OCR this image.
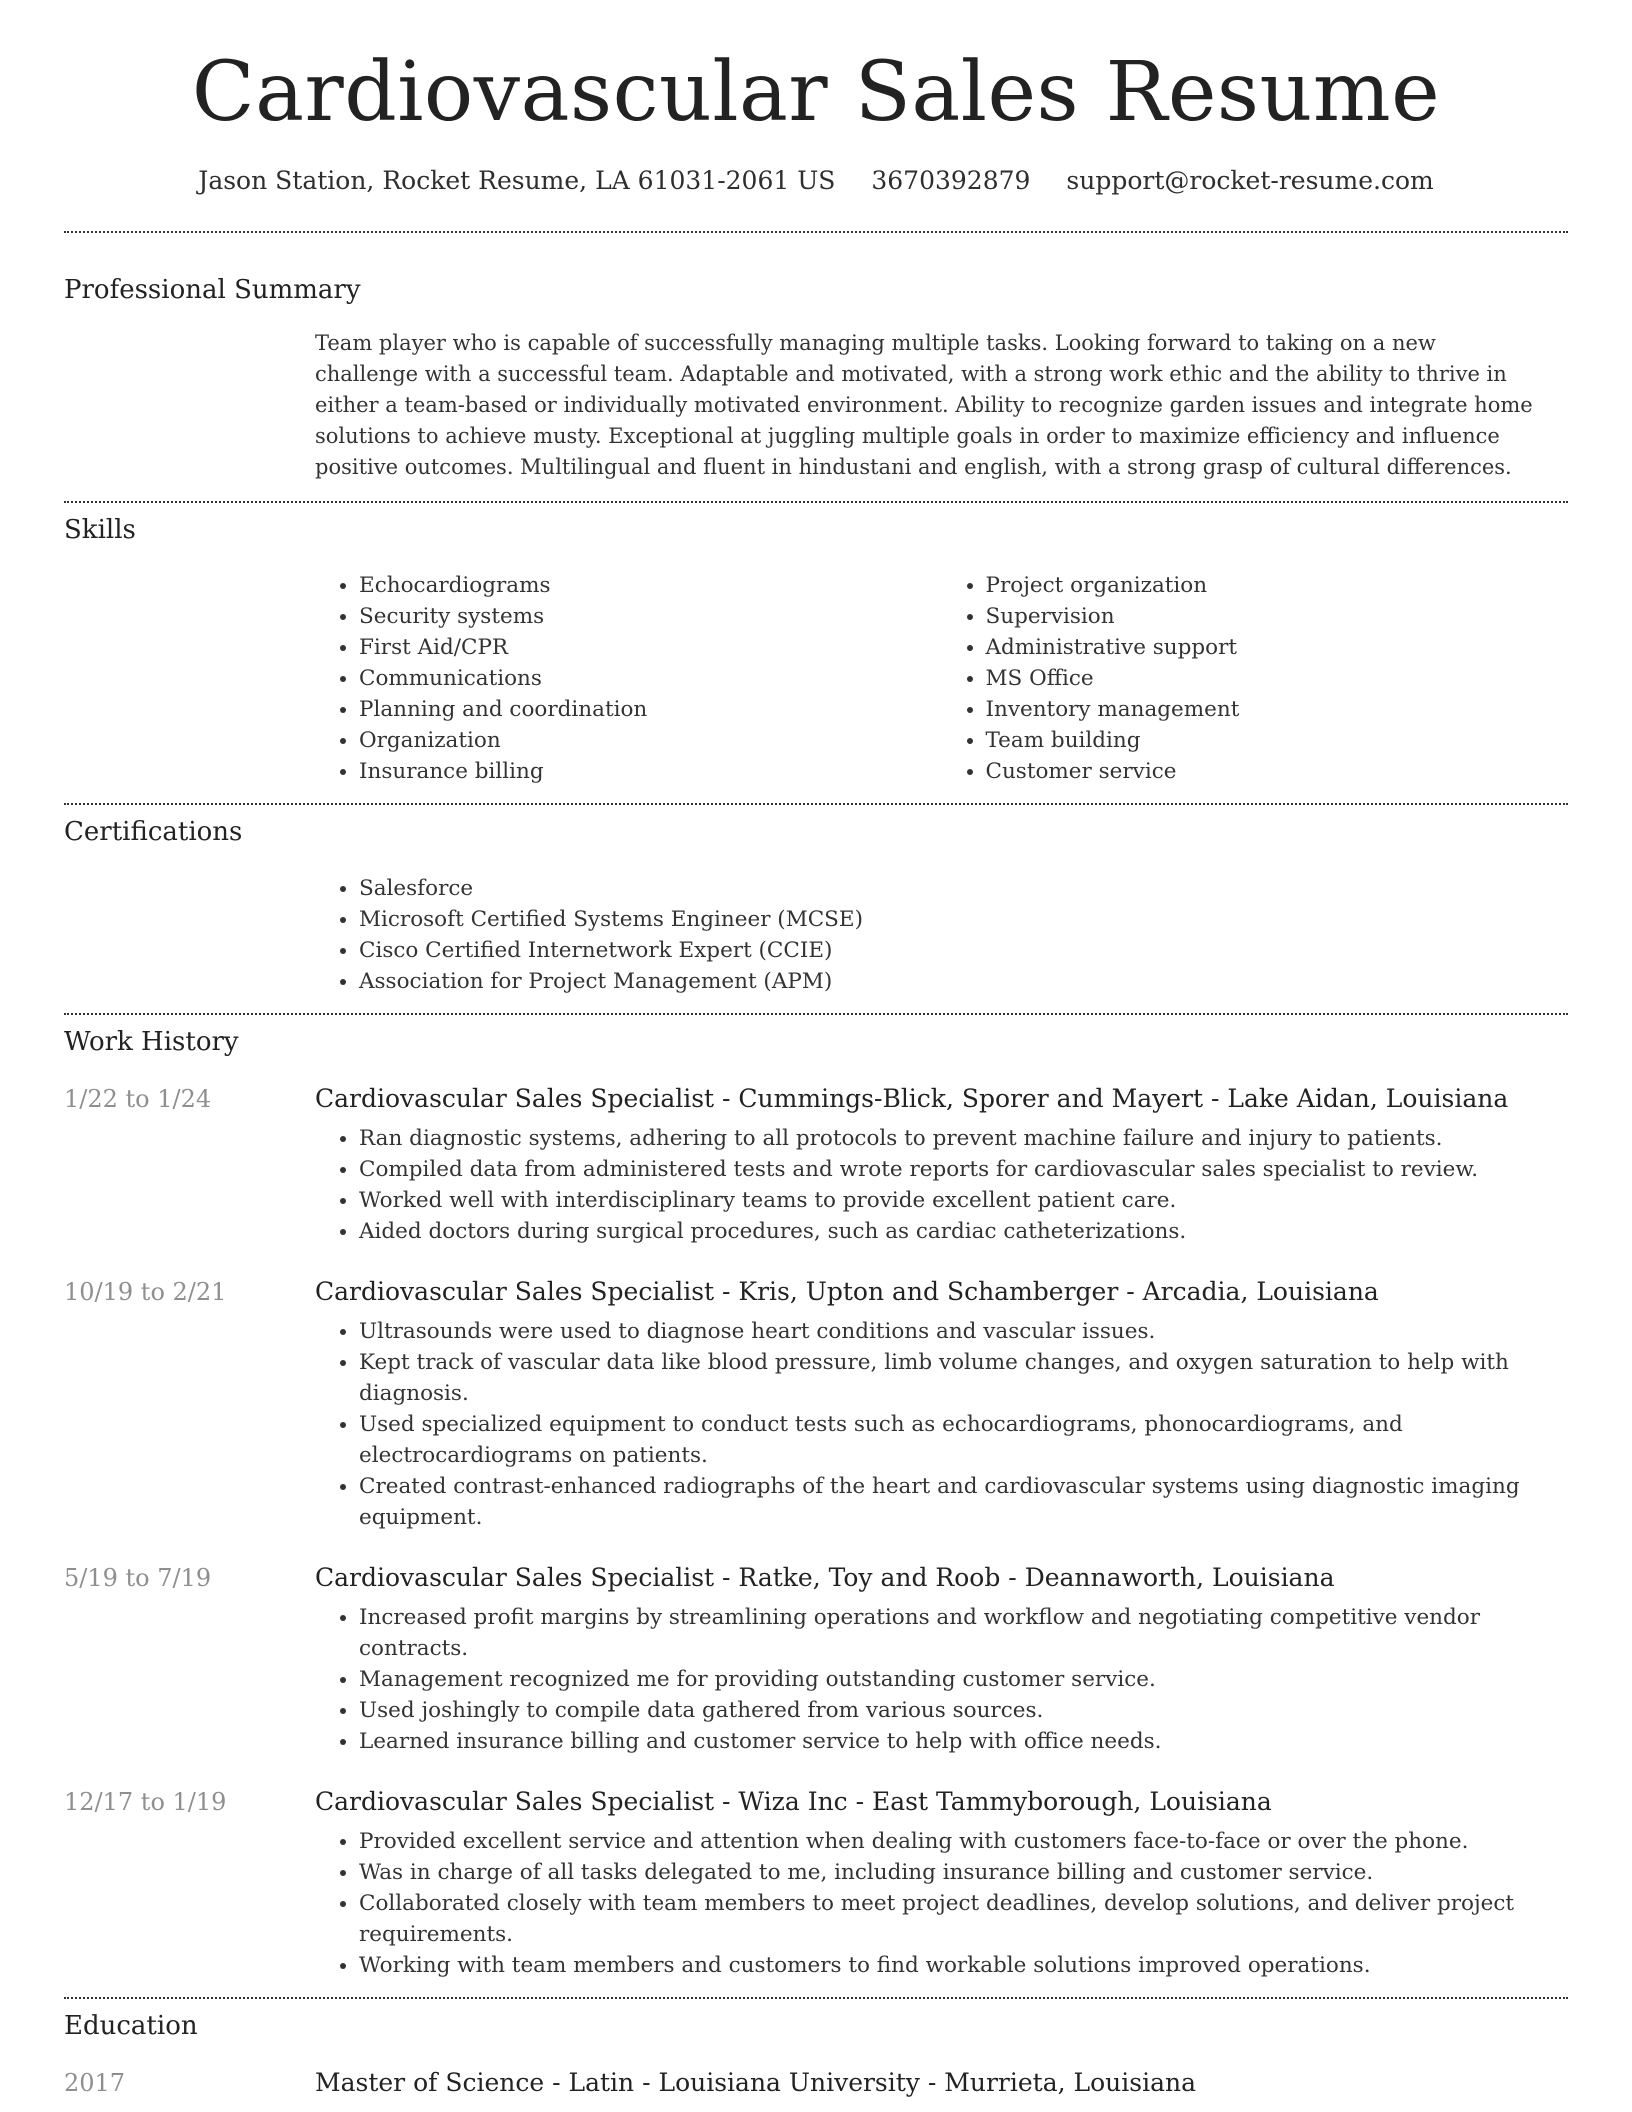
Cardiovascular Sales Resume
Jason Station, Rocket Resume, LA 61031-2061 US 3670392879 support@rocket-resume.com
Professional Summary
Team player who is capable of successfully managing multiple tasks. Looking forward to taking on a new challenge with a successful team. Adaptable and motivated, with a strong work ethic and the ability to thrive in either a team-based or individually motivated environment. Ability to recognize garden issues and integrate home solutions to achieve musty. Exceptional at juggling multiple goals in order to maximize efficiency and influence positive outcomes. Multilingual and fluent in hindustani and english, with a strong grasp of cultural differences.
Skills
• Echocardiograms
• Security systems
• First Aid/CPR
• Communications
• Planning and coordination
• Organization
• Insurance billing
• Project organization
• Supervision
• Administrative support
• MS Office
• Inventory management
• Team building
• Customer service
Certifications
• Salesforce
• Microsoft Certified Systems Engineer (MCSE)
• Cisco Certified Internetwork Expert (CCIE)
• Association for Project Management (APM)
Work History
1/22 to 1/24	Cardiovascular Sales Specialist - Cummings-Blick, Sporer and Mayert - Lake Aidan, Louisiana
• Ran diagnostic systems, adhering to all protocols to prevent machine failure and injury to patients.
• Compiled data from administered tests and wrote reports for cardiovascular sales specialist to review.
• Worked well with interdisciplinary teams to provide excellent patient care.
• Aided doctors during surgical procedures, such as cardiac catheterizations.
10/19 to 2/21	Cardiovascular Sales Specialist - Kris, Upton and Schamberger - Arcadia, Louisiana
• Ultrasounds were used to diagnose heart conditions and vascular issues.
• Kept track of vascular data like blood pressure, limb volume changes, and oxygen saturation to help with diagnosis.
• Used specialized equipment to conduct tests such as echocardiograms, phonocardiograms, and electrocardiograms on patients.
• Created contrast-enhanced radiographs of the heart and cardiovascular systems using diagnostic imaging equipment.
5/19 to 7/19	Cardiovascular Sales Specialist - Ratke, Toy and Roob - Deannaworth, Louisiana
• Increased profit margins by streamlining operations and workflow and negotiating competitive vendor contracts.
• Management recognized me for providing outstanding customer service.
• Used joshingly to compile data gathered from various sources.
• Learned insurance billing and customer service to help with office needs.
12/17 to 1/19	Cardiovascular Sales Specialist - Wiza Inc - East Tammyborough, Louisiana
• Provided excellent service and attention when dealing with customers face-to-face or over the phone.
• Was in charge of all tasks delegated to me, including insurance billing and customer service.
• Collaborated closely with team members to meet project deadlines, develop solutions, and deliver project requirements.
• Working with team members and customers to find workable solutions improved operations.
Education
2017	Master of Science - Latin - Louisiana University - Murrieta, Louisiana
